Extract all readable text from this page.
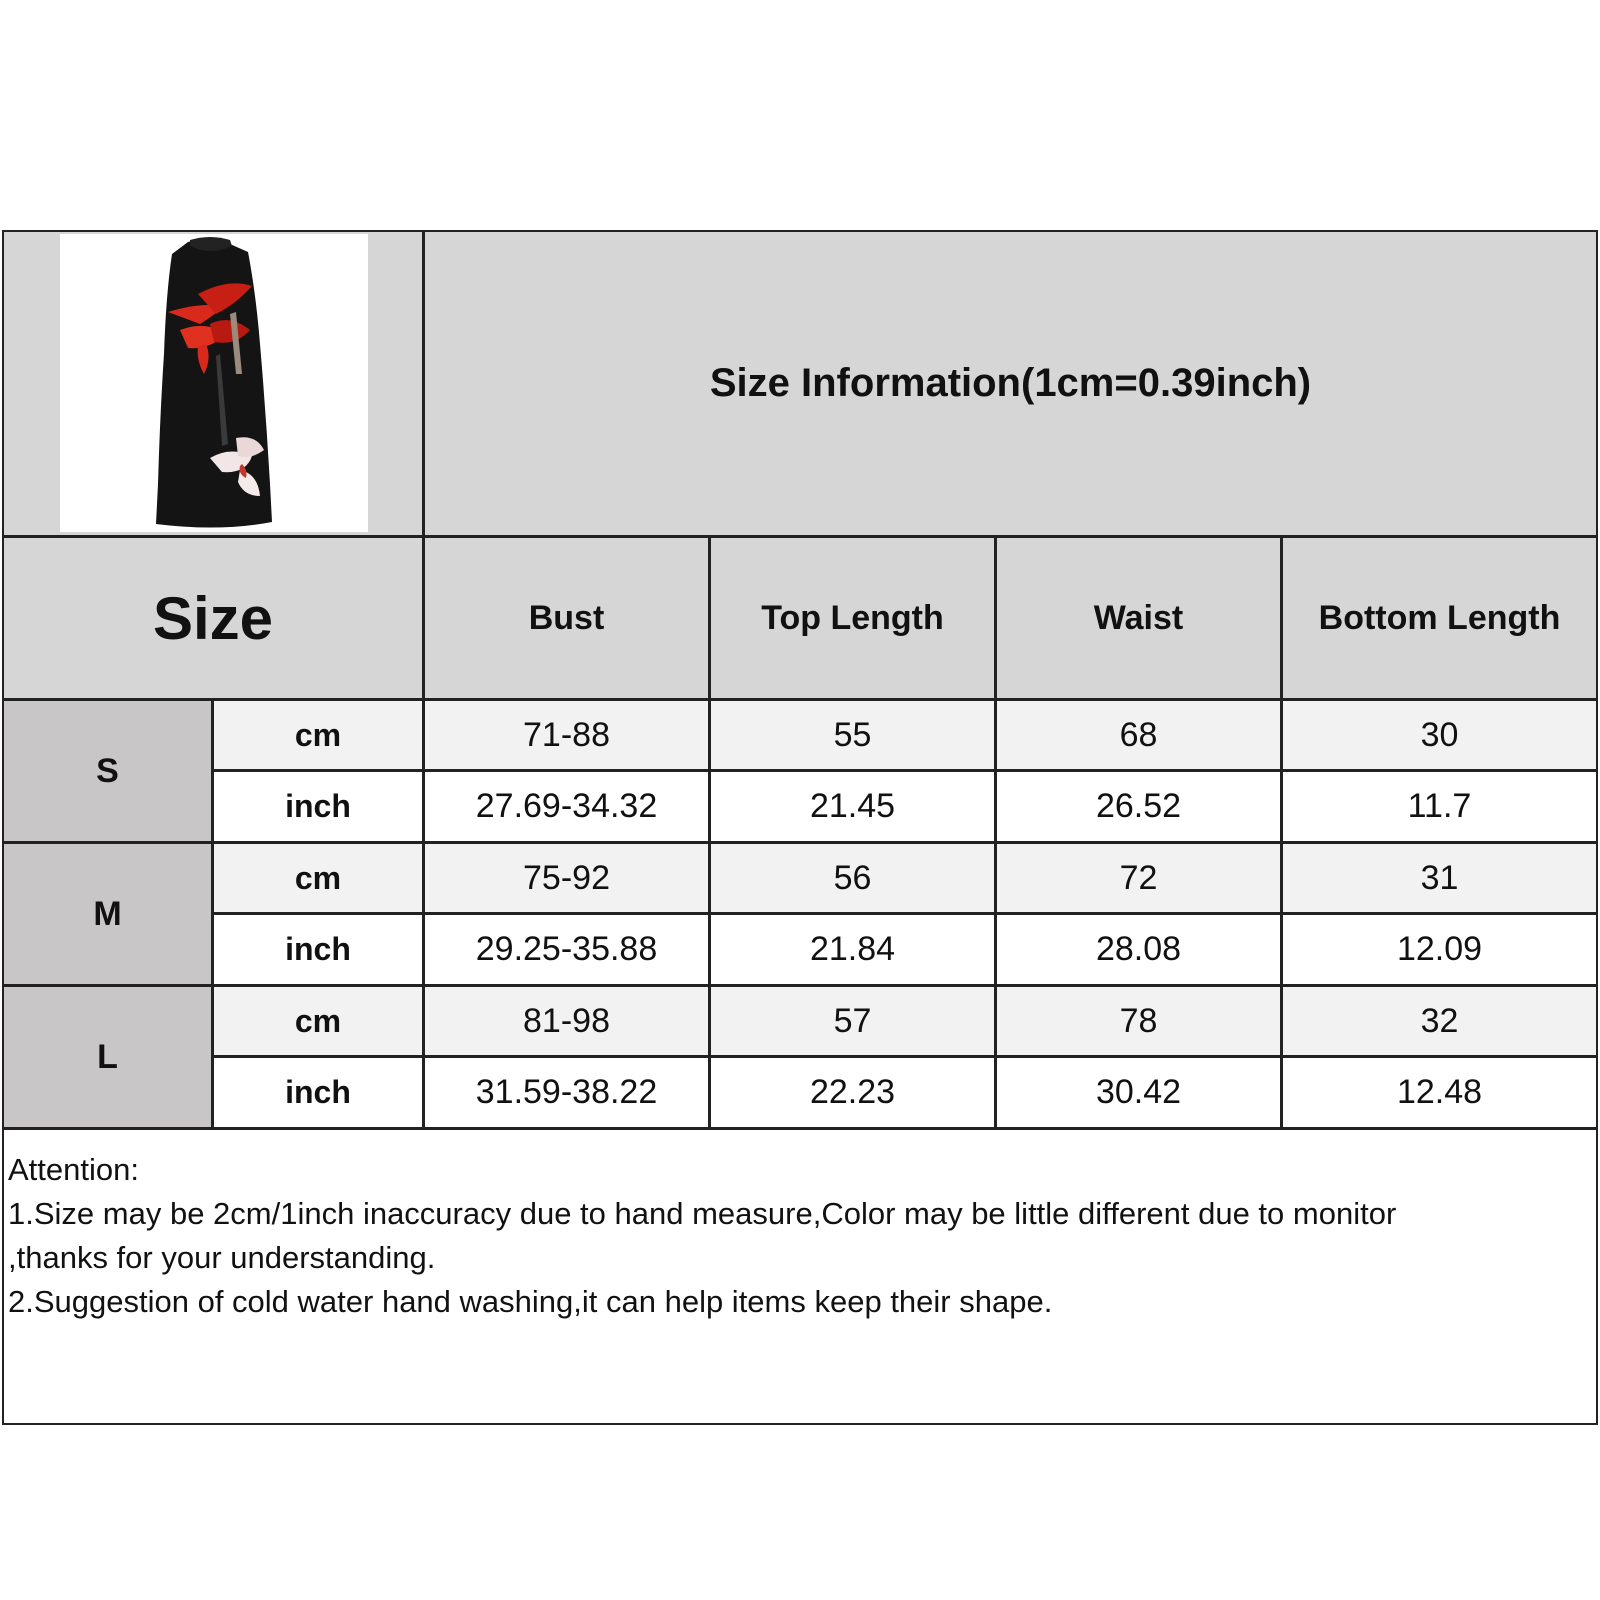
Size Information(1cm=0.39inch)
Size	Bust	Top Length	Waist	Bottom Length
S
cm	71-88	55	68	30
inch	27.69-34.32	21.45	26.52	11.7
M
cm	75-92	56	72	31
inch	29.25-35.88	21.84	28.08	12.09
L
cm	81-98	57	78	32
inch	31.59-38.22	22.23	30.42	12.48
Attention:
1.Size may be 2cm/1inch inaccuracy due to hand measure,Color may be little different due to monitor
,thanks for your understanding.
2.Suggestion of cold water hand washing,it can help items keep their shape.
